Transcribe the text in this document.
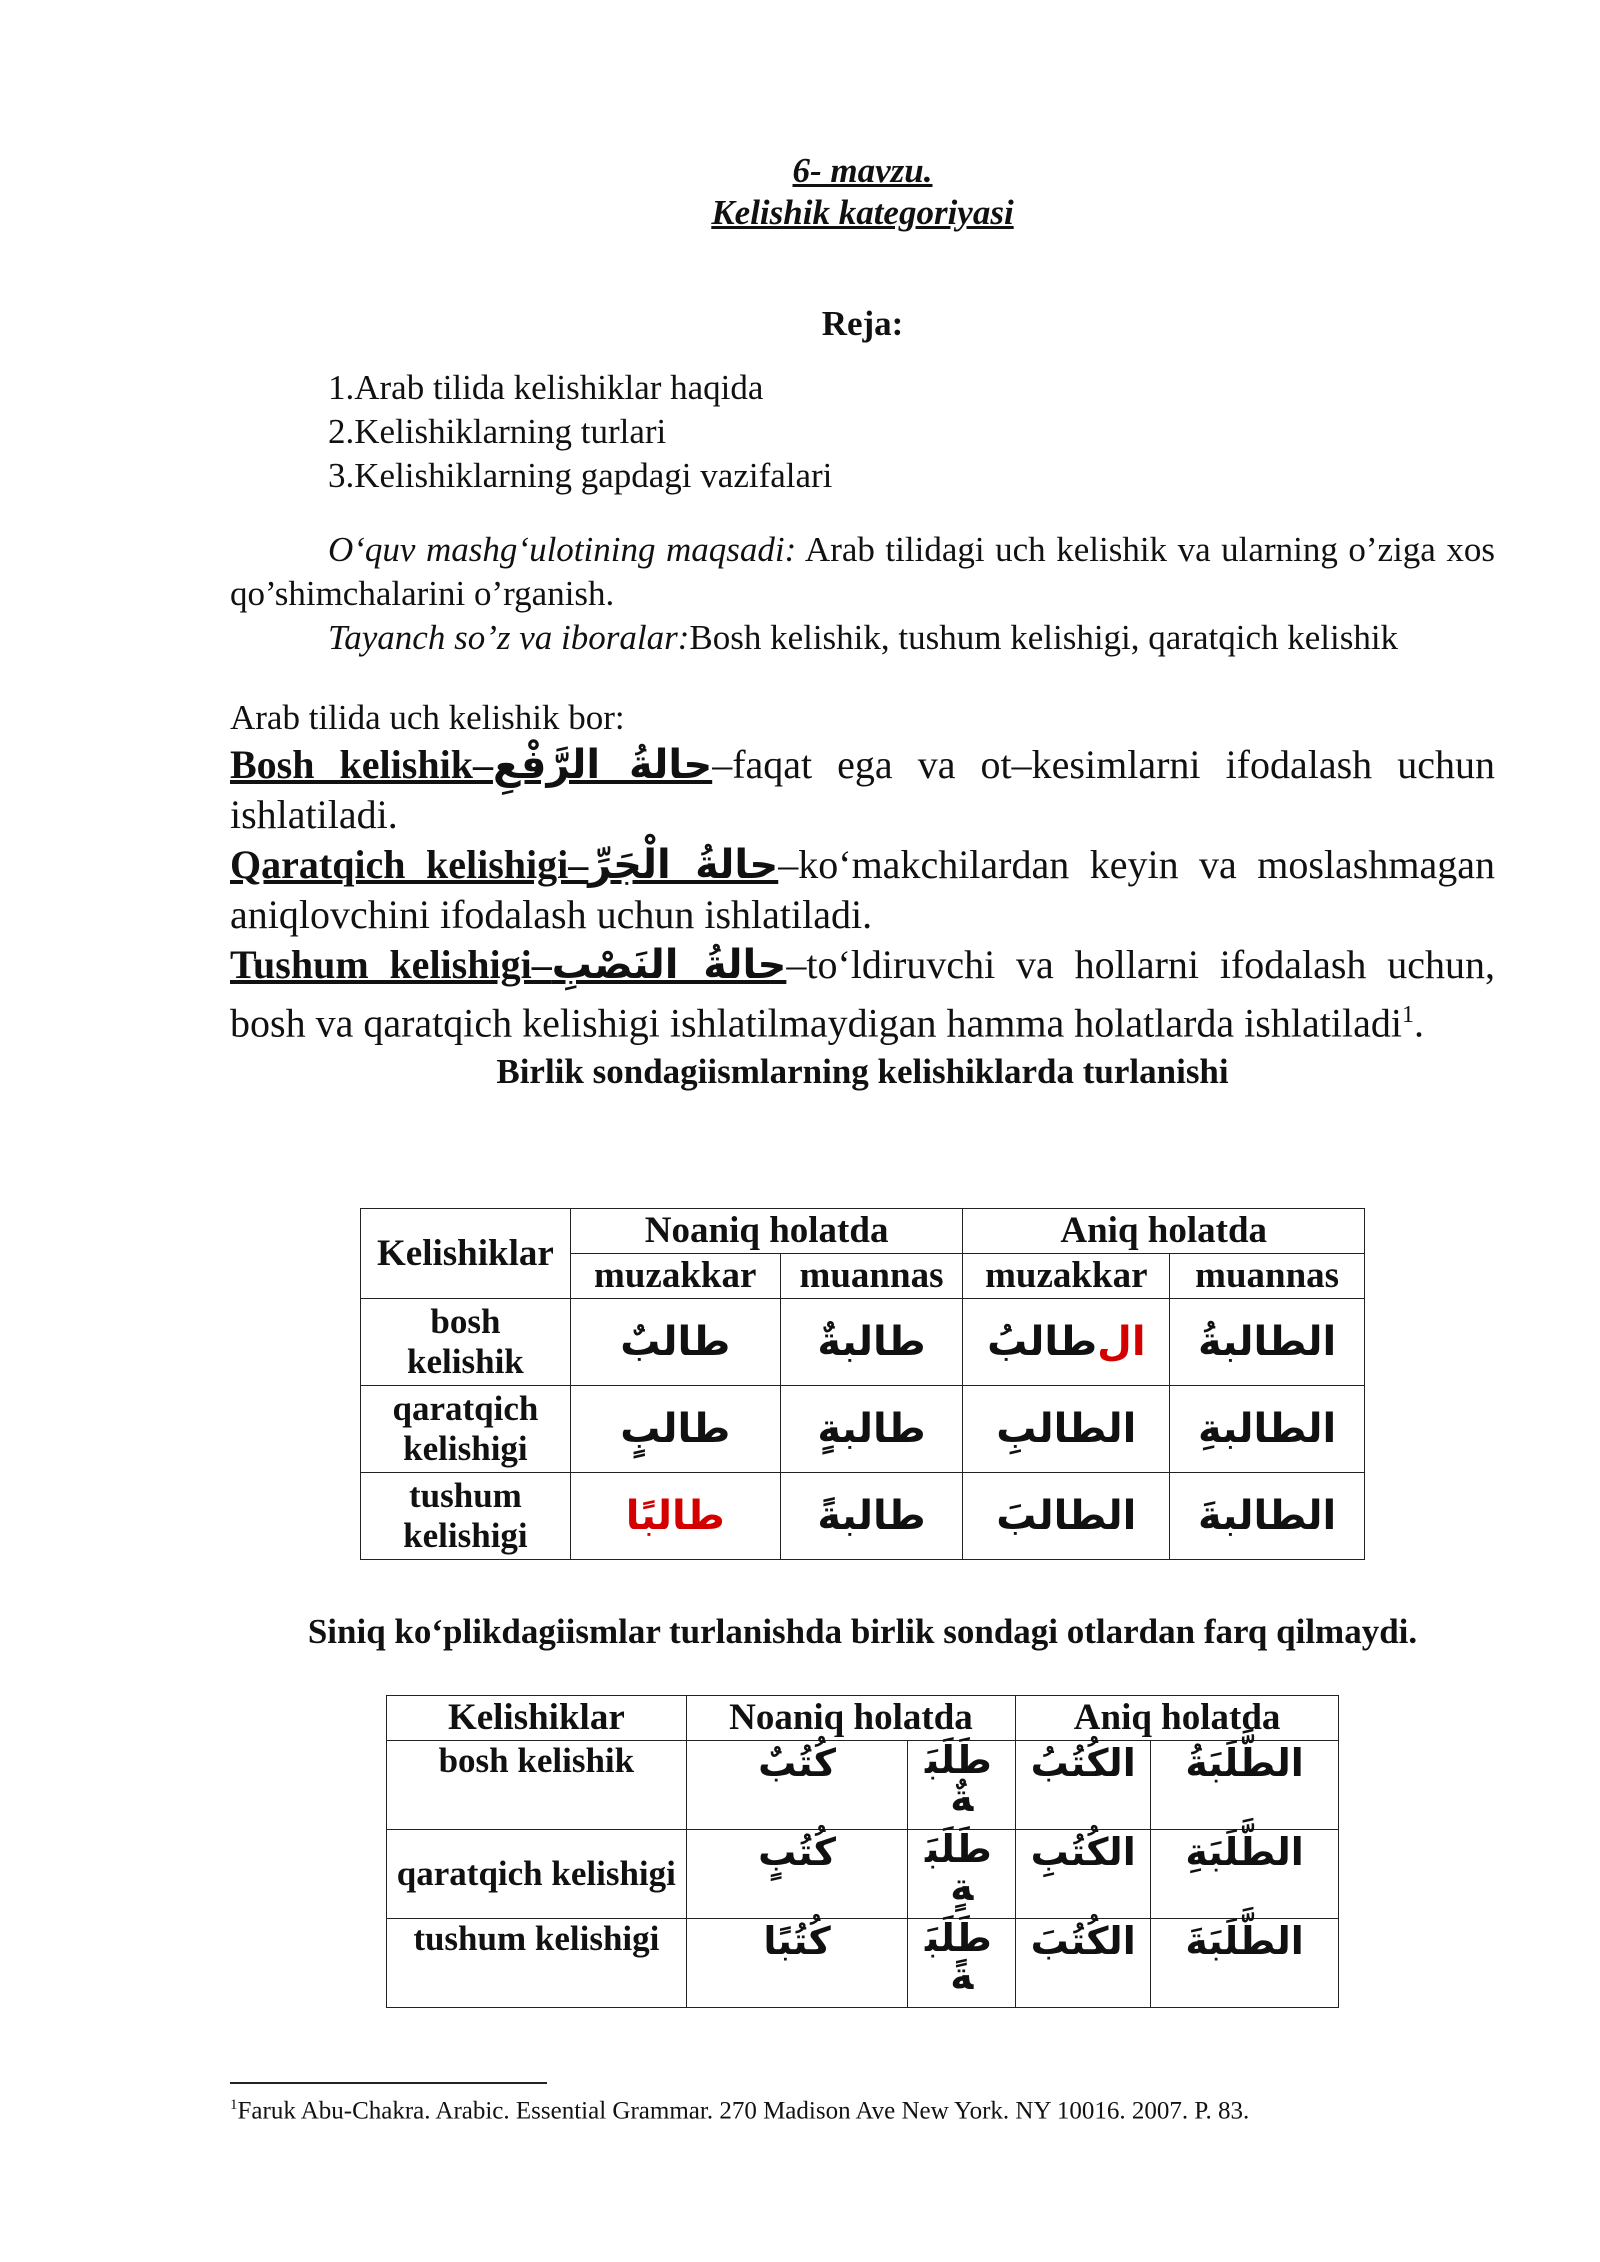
6- mavzu.
Kelishik kategoriyasi
Reja:
1.Arab tilida kelishiklar haqida
2.Kelishiklarning turlari
3.Kelishiklarning gapdagi vazifalari
O‘quv mashg‘ulotining maqsadi: Arab tilidagi uch kelishik va ularning o’ziga xos qo’shimchalarini o’rganish.
Tayanch so’z va iboralar:Bosh kelishik, tushum kelishigi, qaratqich kelishik
Arab tilida uch kelishik bor:
Bosh kelishik–حالةُ الرَّفْعِ–faqat ega va ot–kesimlarni ifodalash uchun ishlatiladi.
Qaratqich kelishigi–حالةُ الْجَرِّ–ko‘makchilardan keyin va moslashmagan aniqlovchini ifodalash uchun ishlatiladi.
Tushum kelishigi–حالةُ النَصْبِ–to‘ldiruvchi va hollarni ifodalash uchun, bosh va qaratqich kelishigi ishlatilmaydigan hamma holatlarda ishlatiladi$^1$.
Birlik sondagiismlarning kelishiklarda turlanishi
Kelishiklar	Noaniq holatda		Aniq holatda	
	muzakkar	muannas	muzakkar	muannas

bosh
kelishik	طالبٌ	طالبةٌ	الطالبُ	الطالبةُ

qaratqich
kelishigi	طالبٍ	طالبةٍ	الطالبِ	الطالبةِ

tushum
kelishigi	طالبًا	طالبةً	الطالبَ	الطالبةَ
Siniq ko‘plikdagiismlar turlanishda birlik sondagi otlardan farq qilmaydi.
Kelishiklar	Noaniq holatda		Aniq holatda	
bosh kelishik	كُتُبٌ	طَلَبَةٌ	الكُتُبُ	الطَّلَبَةُ
qaratqich kelishigi	كُتُبٍ	طَلَبَةٍ	الكُتُبِ	الطَّلَبَةِ
tushum kelishigi	كُتُبًا	طَلَبَةً	الكُتُبَ	الطَّلَبَةَ
$^1$Faruk Abu-Chakra. Arabic. Essential Grammar. 270 Madison Ave New York. NY 10016. 2007. P. 83.
